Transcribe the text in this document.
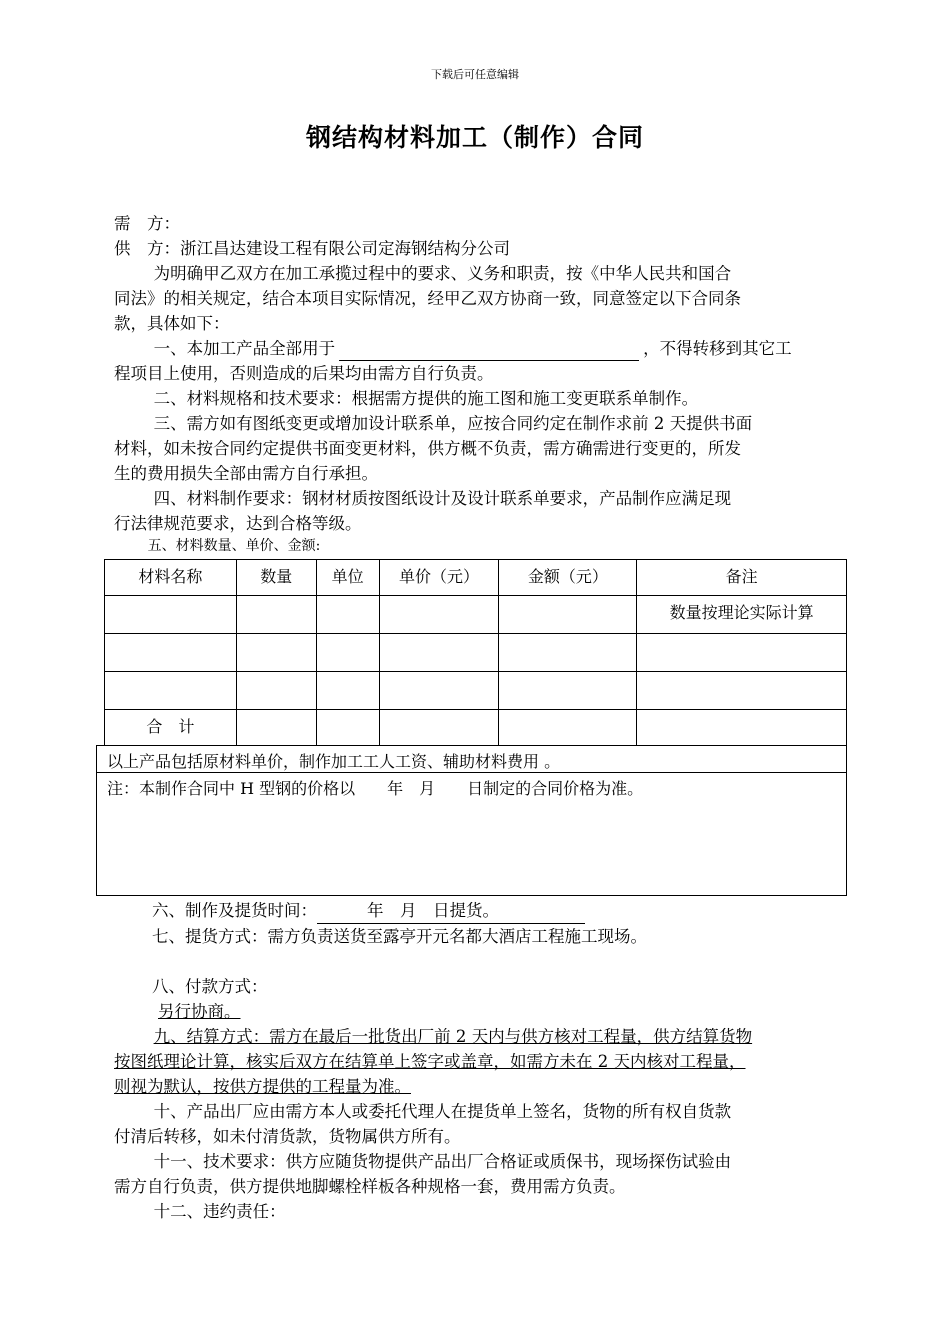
下载后可任意编辑
钢结构材料加工（制作）合同
需　方：
供　方：浙江昌达建设工程有限公司定海钢结构分公司
为明确甲乙双方在加工承揽过程中的要求、义务和职责，按《中华人民共和国合
同法》的相关规定，结合本项目实际情况，经甲乙双方协商一致，同意签定以下合同条
款，具体如下：
一、本加工产品全部用于	，不得转移到其它工
程项目上使用，否则造成的后果均由需方自行负责。
二、材料规格和技术要求：根据需方提供的施工图和施工变更联系单制作。
三、需方如有图纸变更或增加设计联系单，应按合同约定在制作求前 2 天提供书面
材料，如未按合同约定提供书面变更材料，供方概不负责，需方确需进行变更的，所发
生的费用损失全部由需方自行承担。
四、材料制作要求：钢材材质按图纸设计及设计联系单要求，产品制作应满足现
行法律规范要求，达到合格等级。
五、材料数量、单价、金额:
材料名称	数量	单位	单价（元）	金额（元）	备注
					数量按理论实际计算

合　计					
以上产品包括原材料单价，制作加工工人工资、辅助材料费用 。
注：本制作合同中 H 型钢的价格以　　年　月　　日制定的合同价格为准。
六、制作及提货时间：	年　月　日提货。
七、提货方式：需方负责送货至露亭开元名都大酒店工程施工现场。
八、付款方式：
另行协商。
九、结算方式：需方在最后一批货出厂前 2 天内与供方核对工程量，供方结算货物
按图纸理论计算，核实后双方在结算单上签字或盖章，如需方未在 2 天内核对工程量，
则视为默认，按供方提供的工程量为准。
十、产品出厂应由需方本人或委托代理人在提货单上签名，货物的所有权自货款
付清后转移，如未付清货款，货物属供方所有。
十一、技术要求：供方应随货物提供产品出厂合格证或质保书，现场探伤试验由
需方自行负责，供方提供地脚螺栓样板各种规格一套，费用需方负责。
十二、违约责任：
